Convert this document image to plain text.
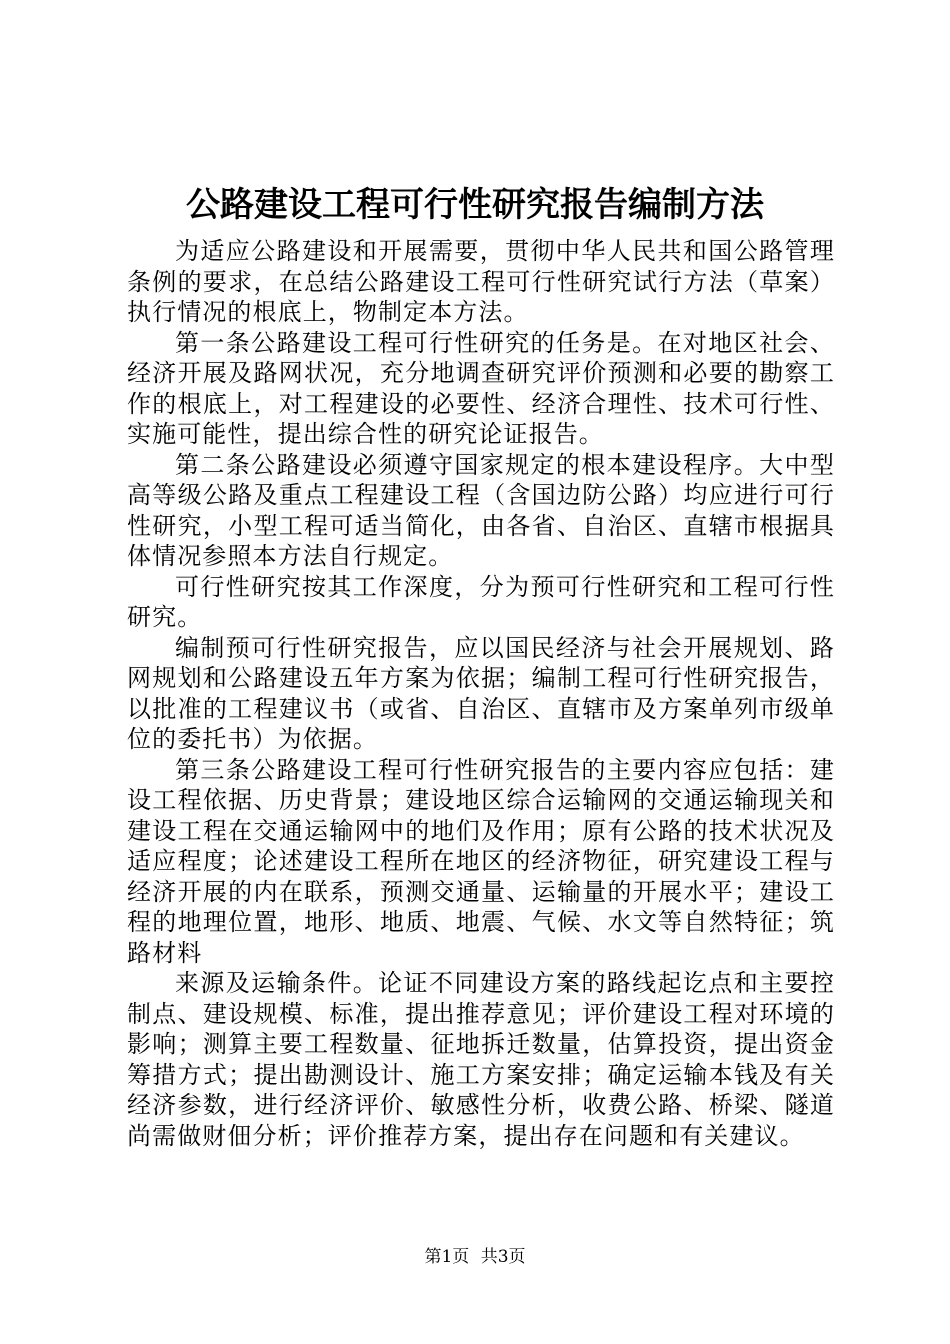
公路建设工程可行性研究报告编制方法

为适应公路建设和开展需要，贯彻中华人民共和国公路管理条例的要求，在总结公路建设工程可行性研究试行方法（草案）执行情况的根底上，物制定本方法。

第一条公路建设工程可行性研究的任务是。在对地区社会、经济开展及路网状况，充分地调查研究评价预测和必要的勘察工作的根底上，对工程建设的必要性、经济合理性、技术可行性、实施可能性，提出综合性的研究论证报告。

第二条公路建设必须遵守国家规定的根本建设程序。大中型高等级公路及重点工程建设工程（含国边防公路）均应进行可行性研究，小型工程可适当简化，由各省、自治区、直辖市根据具体情况参照本方法自行规定。

可行性研究按其工作深度，分为预可行性研究和工程可行性研究。

编制预可行性研究报告，应以国民经济与社会开展规划、路网规划和公路建设五年方案为依据；编制工程可行性研究报告，以批准的工程建议书（或省、自治区、直辖市及方案单列市级单位的委托书）为依据。

第三条公路建设工程可行性研究报告的主要内容应包括：建设工程依据、历史背景；建设地区综合运输网的交通运输现关和建设工程在交通运输网中的地们及作用；原有公路的技术状况及适应程度；论述建设工程所在地区的经济物征，研究建设工程与经济开展的内在联系，预测交通量、运输量的开展水平；建设工程的地理位置，地形、地质、地震、气候、水文等自然特征；筑路材料

来源及运输条件。论证不同建设方案的路线起讫点和主要控制点、建设规模、标准，提出推荐意见；评价建设工程对环境的影响；测算主要工程数量、征地拆迁数量，估算投资，提出资金筹措方式；提出勘测设计、施工方案安排；确定运输本钱及有关经济参数，进行经济评价、敏感性分析，收费公路、桥梁、隧道尚需做财佃分析；评价推荐方案，提出存在问题和有关建议。

第1页 共3页
